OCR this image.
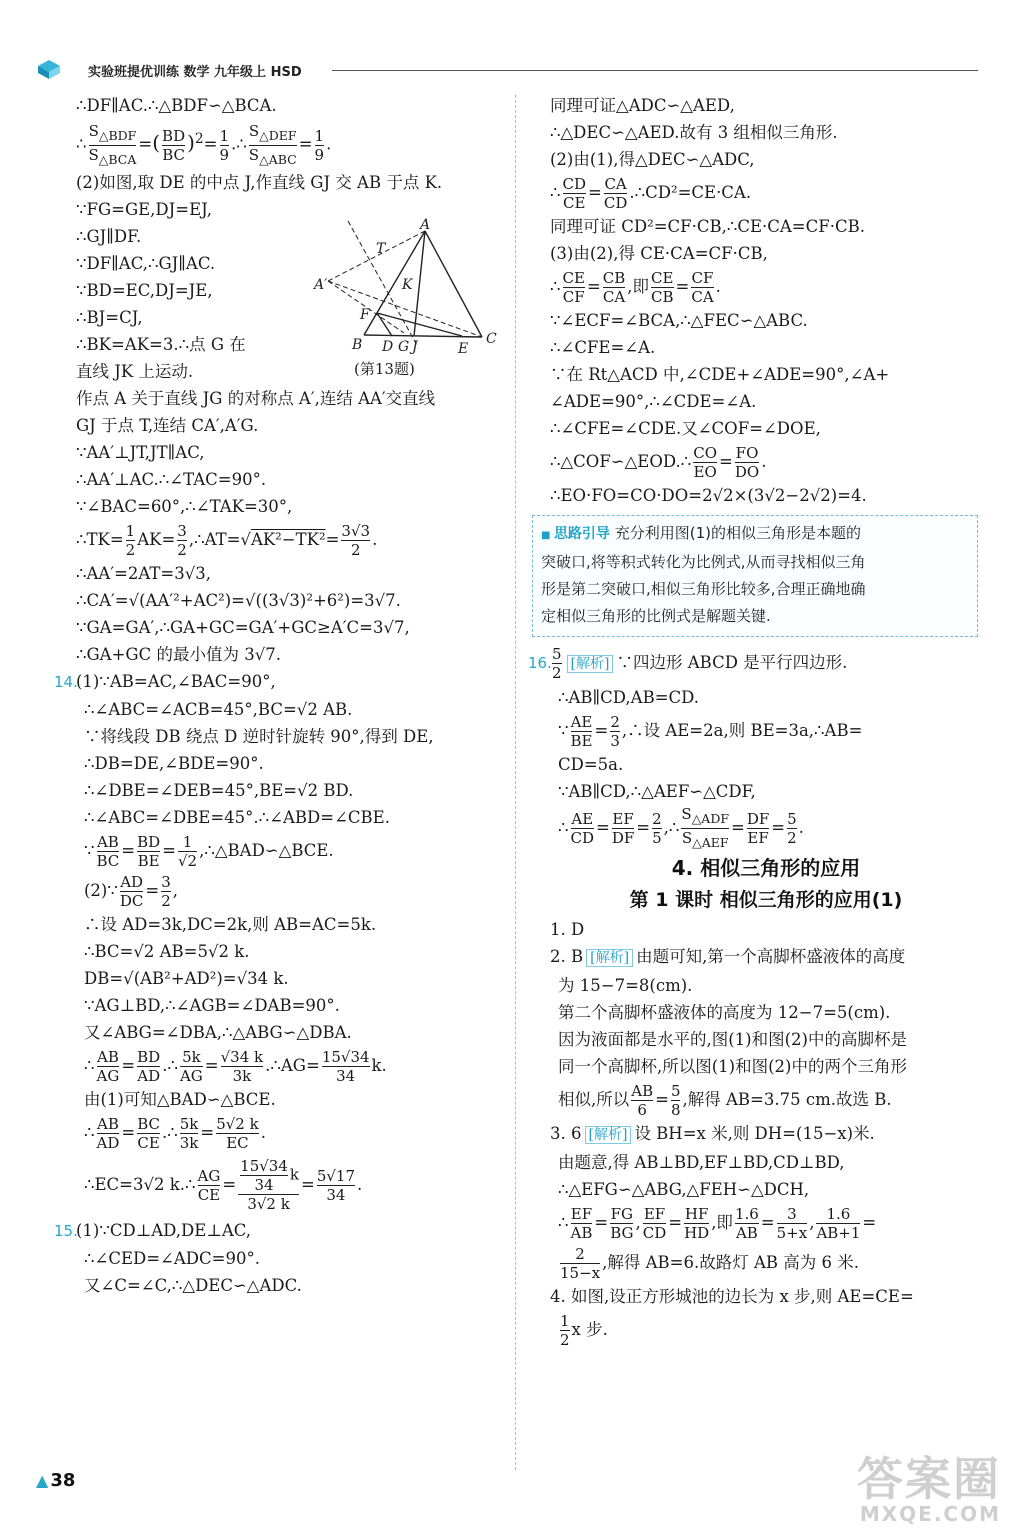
实验班提优训练 数学 九年级上 HSD
∴DF∥AC.∴△BDF∽△BCA.
∴ $\frac{S_{\triangle BDF}}{S_{\triangle BCA}}$ =( $\frac{BD}{BC} )^2= \frac{1}{9}$ .∴ $\frac{S_{\triangle DEF}}{S_{\triangle ABC}} = \frac{1}{9}$ .
(2)如图,取 DE 的中点 J,作直线 GJ 交 AB 于点 K.
∵FG=GE,DJ=EJ,
∴GJ∥DF.
∵DF∥AC,∴GJ∥AC.
∵BD=EC,DJ=JE,
∴BJ=CJ,
∴BK=AK=3.∴点 G 在
直线 JK 上运动.
作点 A 关于直线 JG 的对称点 A′,连结 AA′交直线
GJ 于点 T,连结 CA′,A′G.
∵AA′⊥JT,JT∥AC,
∴AA′⊥AC.∴∠TAC=90°.
∵∠BAC=60°,∴∠TAK=30°,
∴TK= $\frac{1}{2} AK= \frac{3}{2}$ ,∴AT=√AK²−TK²= $\frac{3√3}{2}$ .
∴AA′=2AT=3√3,
∴CA′=√(AA′²+AC²)=√((3√3)²+6²)=3√7.
∵GA=GA′,∴GA+GC=GA′+GC≥A′C=3√7,
∴GA+GC 的最小值为 3√7.
14.(1)∵AB=AC,∠BAC=90°,
∴∠ABC=∠ACB=45°,BC=√2 AB.
∵将线段 DB 绕点 D 逆时针旋转 90°,得到 DE,
∴DB=DE,∠BDE=90°.
∴∠DBE=∠DEB=45°,BE=√2 BD.
∴∠ABC=∠DBE=45°.∴∠ABD=∠CBE.
∵ $\frac{AB}{BC} = \frac{BD}{BE} = \frac{1}{√2}$ ,∴△BAD∽△BCE.
(2)∵ $\frac{AD}{DC} = \frac{3}{2}$ ,
∴设 AD=3k,DC=2k,则 AB=AC=5k.
∴BC=√2 AB=5√2 k.
DB=√(AB²+AD²)=√34 k.
∵AG⊥BD,∴∠AGB=∠DAB=90°.
又∠ABG=∠DBA,∴△ABG∽△DBA.
∴ $\frac{AB}{AG} = \frac{BD}{AD}$ .∴ $\frac{5k}{AG} = \frac{√34 k}{3k}$ .∴AG= $\frac{15√34}{34} k$.
由(1)可知△BAD∽△BCE.
∴ $\frac{AB}{AD} = \frac{BC}{CE}$ .∴ $\frac{5k}{3k} = \frac{5√2 k}{EC}$ .
∴EC=3√2 k.∴ $\frac{AG}{CE} = \frac{\frac{15√34}{34} k}{3√2 k} = \frac{5√17}{34}$ .
15.(1)∵CD⊥AD,DE⊥AC,
∴∠CED=∠ADC=90°.
又∠C=∠C,∴△DEC∽△ADC.
A
T
K
A′
F
B D G J	E
C
(第13题)
同理可证△ADC∽△AED,
∴△DEC∽△AED.故有 3 组相似三角形.
(2)由(1),得△DEC∽△ADC,
∴ $\frac{CD}{CE} = \frac{CA}{CD}$ .∴CD²=CE·CA.
同理可证 CD²=CF·CB,∴CE·CA=CF·CB.
(3)由(2),得 CE·CA=CF·CB,
∴ $\frac{CE}{CF} = \frac{CB}{CA}$ ,即 $\frac{CE}{CB} = \frac{CF}{CA}$ .
∵∠ECF=∠BCA,∴△FEC∽△ABC.
∴∠CFE=∠A.
∵在 Rt△ACD 中,∠CDE+∠ADE=90°,∠A+
∠ADE=90°,∴∠CDE=∠A.
∴∠CFE=∠CDE.又∠COF=∠DOE,
∴△COF∽△EOD.∴ $\frac{CO}{EO} = \frac{FO}{DO}$ .
∴EO·FO=CO·DO=2√2×(3√2−2√2)=4.
■ 思路引导 充分利用图(1)的相似三角形是本题的
突破口,将等积式转化为比例式,从而寻找相似三角
形是第二突破口,相似三角形比较多,合理正确地确
定相似三角形的比例式是解题关键.
16. $\frac{5}{2}$ [解析] ∵四边形 ABCD 是平行四边形.
∴AB∥CD,AB=CD.
∵ $\frac{AE}{BE} = \frac{2}{3}$ ,∴设 AE=2a,则 BE=3a,∴AB=
CD=5a.
∵AB∥CD,∴△AEF∽△CDF,
∴ $\frac{AE}{CD} = \frac{EF}{DF} = \frac{2}{5}$ ,∴ $\frac{S_{\triangle ADF}}{S_{\triangle AEF}} = \frac{DF}{EF} = \frac{5}{2}$ .
4. 相似三角形的应用
第 1 课时 相似三角形的应用(1)
1. D
2. B [解析] 由题可知,第一个高脚杯盛液体的高度
为 15−7=8(cm).
第二个高脚杯盛液体的高度为 12−7=5(cm).
因为液面都是水平的,图(1)和图(2)中的高脚杯是
同一个高脚杯,所以图(1)和图(2)中的两个三角形
相似,所以 $\frac{AB}{6} = \frac{5}{8}$ ,解得 AB=3.75 cm.故选 B.
3. 6 [解析] 设 BH=x 米,则 DH=(15−x)米.
由题意,得 AB⊥BD,EF⊥BD,CD⊥BD,
∴△EFG∽△ABG,△FEH∽△DCH,
∴ $\frac{EF}{AB} = \frac{FG}{BG}$ , $\frac{EF}{CD} = \frac{HF}{HD}$ ,即 $\frac{1.6}{AB} = \frac{3}{5+x}$ , $\frac{1.6}{AB+1}$ =
$\frac{2}{15-x}$ ,解得 AB=6.故路灯 AB 高为 6 米.
4. 如图,设正方形城池的边长为 x 步,则 AE=CE=
$\frac{1}{2}$ x 步.
▲ 38	答案圈
MXQE.COM
